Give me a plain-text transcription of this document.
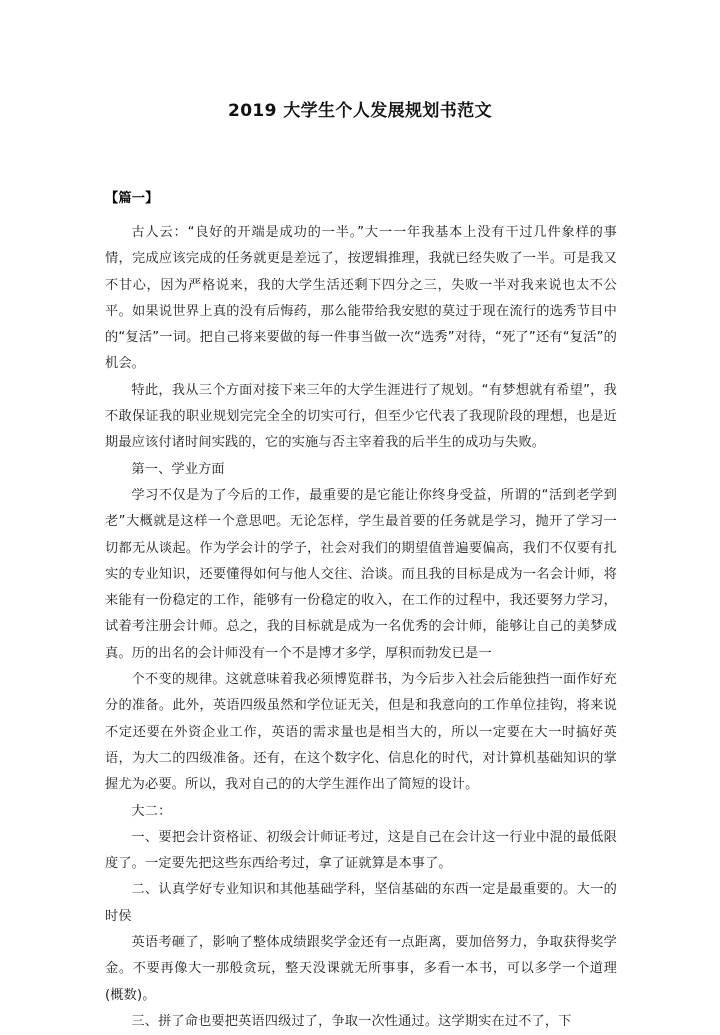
2019 大学生个人发展规划书范文
【篇一】

古人云：“良好的开端是成功的一半。”大一一年我基本上没有干过几件象样的事情，完成应该完成的任务就更是差远了，按逻辑推理，我就已经失败了一半。可是我又不甘心，因为严格说来，我的大学生活还剩下四分之三，失败一半对我来说也太不公平。如果说世界上真的没有后悔药，那么能带给我安慰的莫过于现在流行的选秀节目中的“复活”一词。把自己将来要做的每一件事当做一次“选秀”对待，“死了”还有“复活”的机会。

特此，我从三个方面对接下来三年的大学生涯进行了规划。“有梦想就有希望”，我不敢保证我的职业规划完完全全的切实可行，但至少它代表了我现阶段的理想，也是近期最应该付诸时间实践的，它的实施与否主宰着我的后半生的成功与失败。

第一、学业方面

学习不仅是为了今后的工作，最重要的是它能让你终身受益，所谓的“活到老学到老”大概就是这样一个意思吧。无论怎样，学生最首要的任务就是学习，抛开了学习一切都无从谈起。作为学会计的学子，社会对我们的期望值普遍要偏高，我们不仅要有扎实的专业知识，还要懂得如何与他人交往、洽谈。而且我的目标是成为一名会计师，将来能有一份稳定的工作，能够有一份稳定的收入，在工作的过程中，我还要努力学习，试着考注册会计师。总之，我的目标就是成为一名优秀的会计师，能够让自己的美梦成真。历的出名的会计师没有一个不是博才多学，厚积而勃发已是一

个不变的规律。这就意味着我必须博览群书，为今后步入社会后能独挡一面作好充分的准备。此外，英语四级虽然和学位证无关，但是和我意向的工作单位挂钩，将来说不定还要在外资企业工作，英语的需求量也是相当大的，所以一定要在大一时搞好英语，为大二的四级准备。还有，在这个数字化、信息化的时代，对计算机基础知识的掌握尤为必要。所以，我对自己的的大学生涯作出了简短的设计。

大二：

一、要把会计资格证、初级会计师证考过，这是自己在会计这一行业中混的最低限度了。一定要先把这些东西给考过，拿了证就算是本事了。

二、认真学好专业知识和其他基础学科，坚信基础的东西一定是最重要的。大一的时侯

英语考砸了，影响了整体成绩跟奖学金还有一点距离，要加倍努力，争取获得奖学金。不要再像大一那般贪玩，整天没课就无所事事，多看一本书，可以多学一个道理(概数)。

三、拼了命也要把英语四级过了，争取一次性通过。这学期实在过不了，下
